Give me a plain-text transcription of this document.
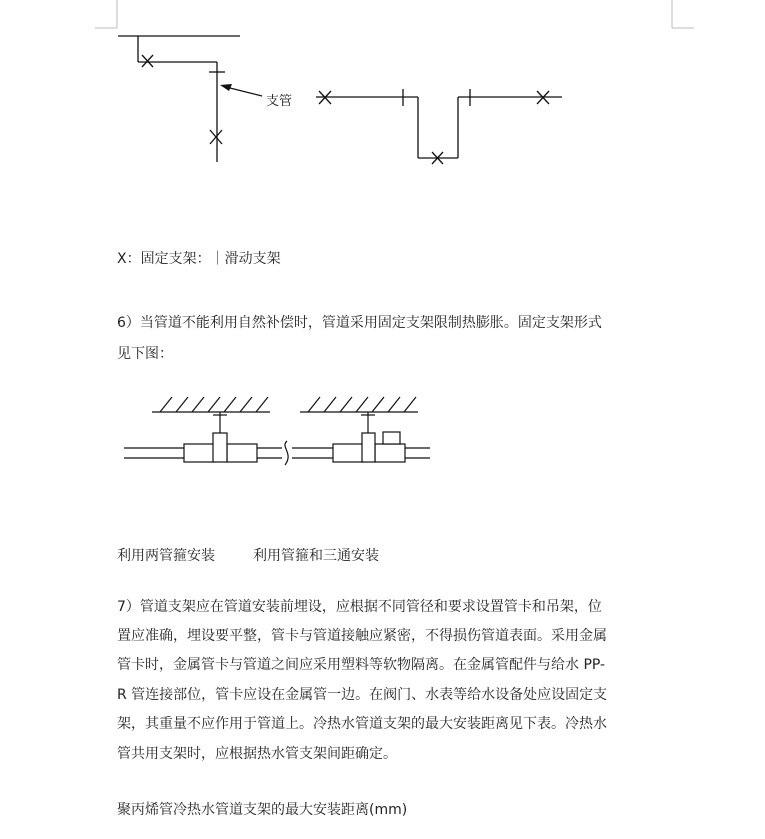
支管
X：固定支架：｜滑动支架
6）当管道不能利用自然补偿时，管道采用固定支架限制热膨胀。固定支架形式
见下图：
利用两管箍安装	利用管箍和三通安装
7）管道支架应在管道安装前埋设，应根据不同管径和要求设置管卡和吊架，位
置应准确，埋设要平整，管卡与管道接触应紧密，不得损伤管道表面。采用金属
管卡时，金属管卡与管道之间应采用塑料等软物隔离。在金属管配件与给水 PP-
R 管连接部位，管卡应设在金属管一边。在阀门、水表等给水设备处应设固定支
架，其重量不应作用于管道上。冷热水管道支架的最大安装距离见下表。冷热水
管共用支架时，应根据热水管支架间距确定。
聚丙烯管冷热水管道支架的最大安装距离(mm)
